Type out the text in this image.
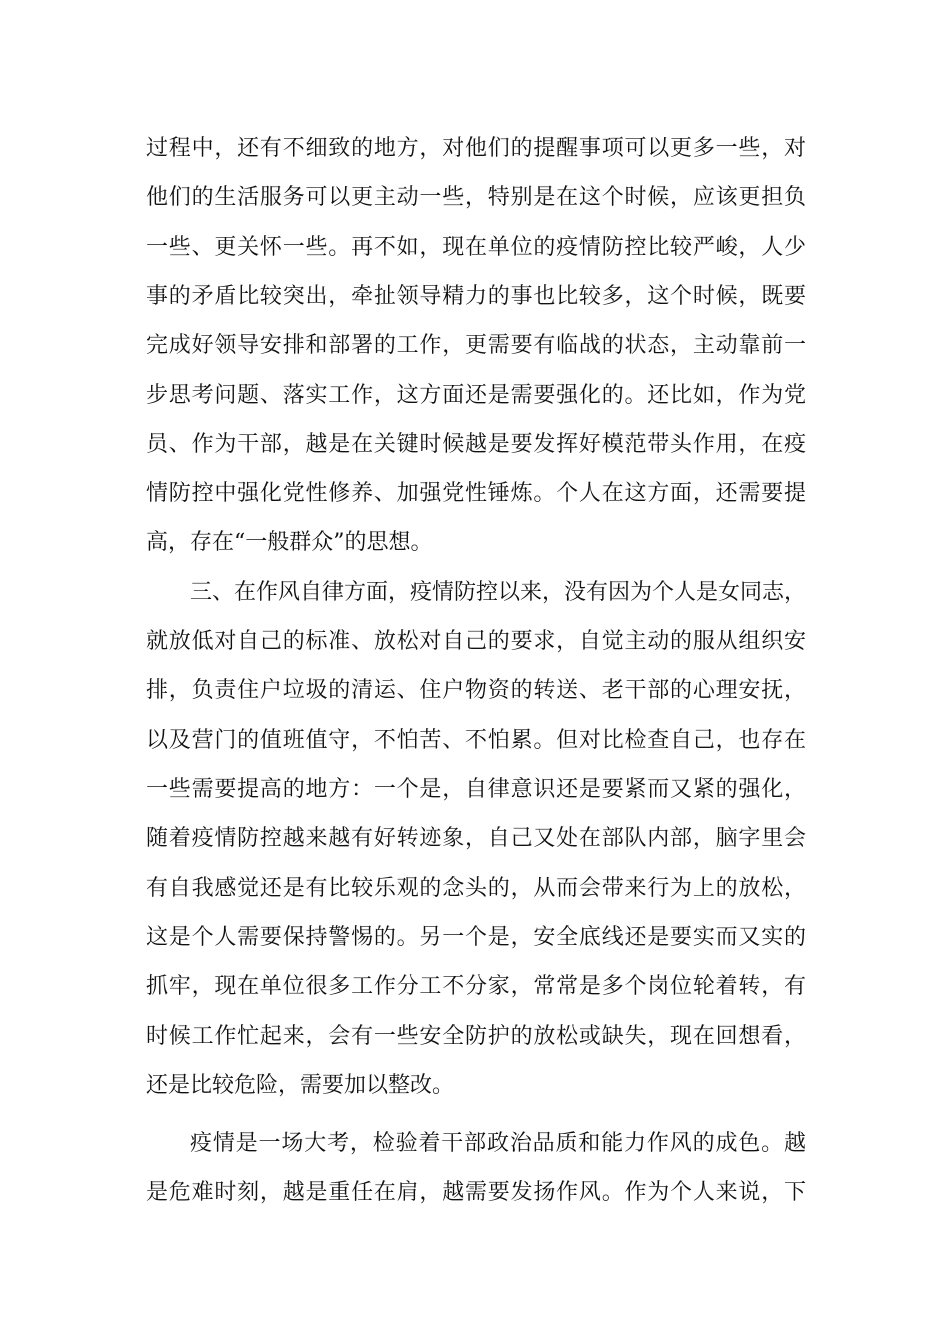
过程中，还有不细致的地方，对他们的提醒事项可以更多一些，对
他们的生活服务可以更主动一些，特别是在这个时候，应该更担负
一些、更关怀一些。再不如，现在单位的疫情防控比较严峻，人少
事的矛盾比较突出，牵扯领导精力的事也比较多，这个时候，既要
完成好领导安排和部署的工作，更需要有临战的状态，主动靠前一
步思考问题、落实工作，这方面还是需要强化的。还比如，作为党
员、作为干部，越是在关键时候越是要发挥好模范带头作用，在疫
情防控中强化党性修养、加强党性锤炼。个人在这方面，还需要提
高，存在“一般群众”的思想。
三、在作风自律方面，疫情防控以来，没有因为个人是女同志，
就放低对自己的标准、放松对自己的要求，自觉主动的服从组织安
排，负责住户垃圾的清运、住户物资的转送、老干部的心理安抚，
以及营门的值班值守，不怕苦、不怕累。但对比检查自己，也存在
一些需要提高的地方：一个是，自律意识还是要紧而又紧的强化，
随着疫情防控越来越有好转迹象，自己又处在部队内部，脑字里会
有自我感觉还是有比较乐观的念头的，从而会带来行为上的放松，
这是个人需要保持警惕的。另一个是，安全底线还是要实而又实的
抓牢，现在单位很多工作分工不分家，常常是多个岗位轮着转，有
时候工作忙起来，会有一些安全防护的放松或缺失，现在回想看，
还是比较危险，需要加以整改。
疫情是一场大考，检验着干部政治品质和能力作风的成色。越
是危难时刻，越是重任在肩，越需要发扬作风。作为个人来说，下
